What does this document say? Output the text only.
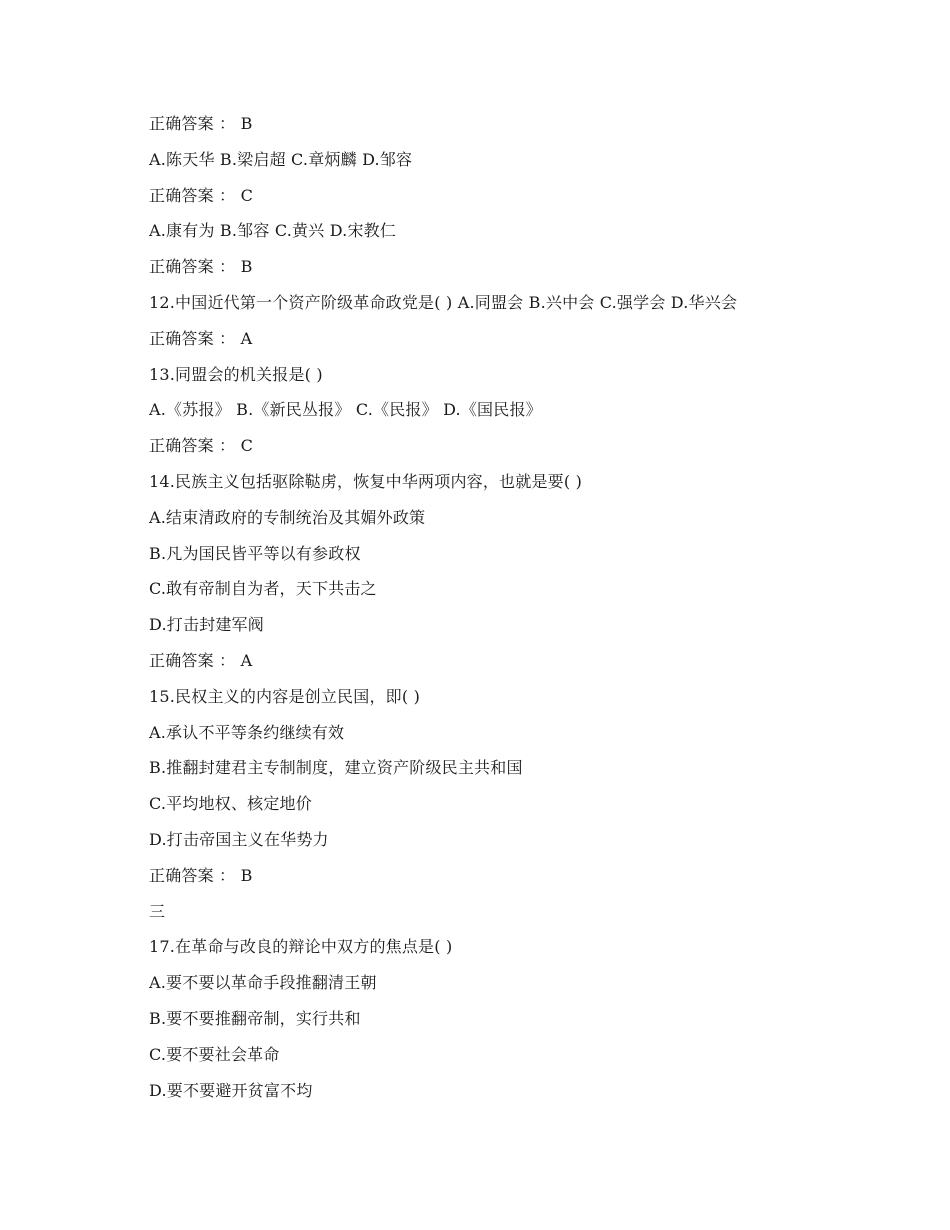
正确答案 ： B
A.陈天华 B.梁启超 C.章炳麟 D.邹容
正确答案 ： C
A.康有为 B.邹容 C.黄兴 D.宋教仁
正确答案 ： B
12.中国近代第一个资产阶级革命政党是( ) A.同盟会 B.兴中会 C.强学会 D.华兴会
正确答案 ： A
13.同盟会的机关报是( )
A.《苏报》 B.《新民丛报》 C.《民报》 D.《国民报》
正确答案 ： C
14.民族主义包括驱除鞑虏，恢复中华两项内容，也就是要( )
A.结束清政府的专制统治及其媚外政策
B.凡为国民皆平等以有参政权
C.敢有帝制自为者，天下共击之
D.打击封建军阀
正确答案 ： A
15.民权主义的内容是创立民国，即( )
A.承认不平等条约继续有效
B.推翻封建君主专制制度，建立资产阶级民主共和国
C.平均地权、核定地价
D.打击帝国主义在华势力
正确答案 ： B
三
17.在革命与改良的辩论中双方的焦点是( )
A.要不要以革命手段推翻清王朝
B.要不要推翻帝制，实行共和
C.要不要社会革命
D.要不要避开贫富不均
